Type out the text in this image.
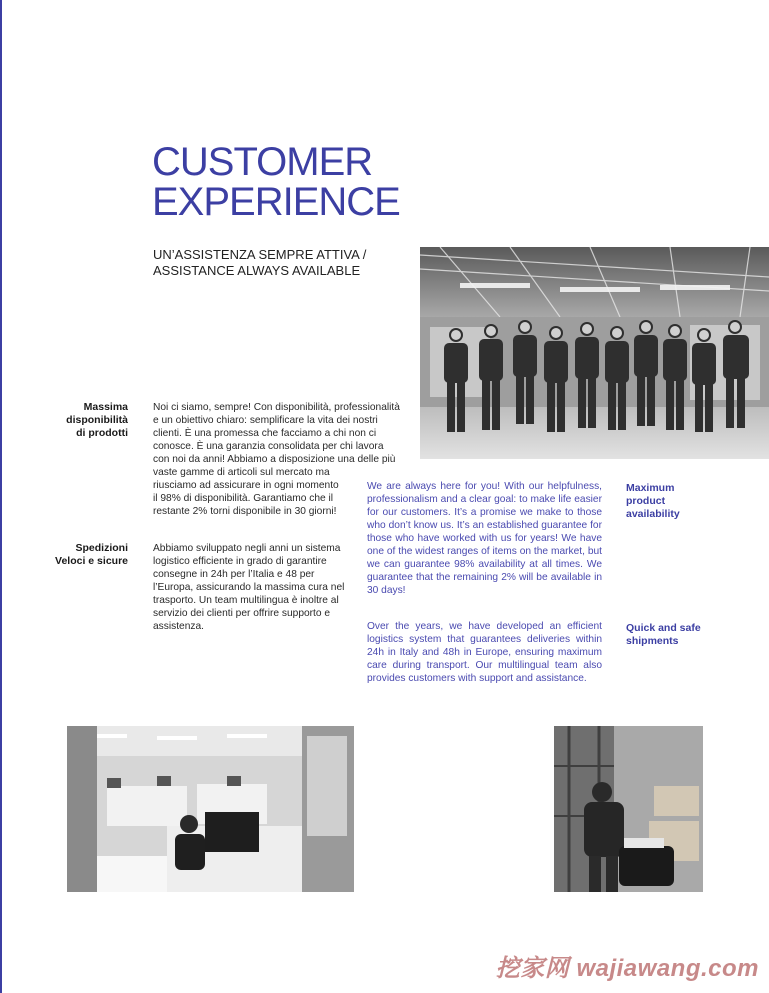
CUSTOMER
EXPERIENCE
UN’ASSISTENZA SEMPRE ATTIVA /
ASSISTANCE ALWAYS AVAILABLE
Massima
disponibilità
di prodotti
Noi ci siamo, sempre! Con disponibilità, professionalità
e un obiettivo chiaro: semplificare la vita dei nostri
clienti. È una promessa che facciamo a chi non ci
conosce. È una garanzia consolidata per chi lavora
con noi da anni! Abbiamo a disposizione una delle più
vaste gamme di articoli sul mercato ma
riusciamo ad assicurare in ogni momento
il 98% di disponibilità. Garantiamo che il
restante 2% torni disponibile in 30 giorni!
We are always here for you! With our helpfulness, professionalism and a clear goal: to make life easier for our customers. It’s a promise we make to those who don’t know us. It’s an established guarantee for those who have worked with us for years! We have one of the widest ranges of items on the market, but we can guarantee 98% availability at all times. We guarantee that the remaining 2% will be available in 30 days!
Maximum
product
availability
Spedizioni
Veloci e sicure
Abbiamo sviluppato negli anni un sistema
logistico efficiente in grado di garantire
consegne in 24h per l’Italia e 48 per
l’Europa, assicurando la massima cura nel
trasporto. Un team multilingua è inoltre al
servizio dei clienti per offrire supporto e
assistenza.	Over the years, we have developed an efficient logistics system that guarantees deliveries within 24h in Italy and 48h in Europe, ensuring maximum care during transport. Our multilingual team also provides customers with support and assistance.
Quick and safe
shipments
挖家网 wajiawang.com
